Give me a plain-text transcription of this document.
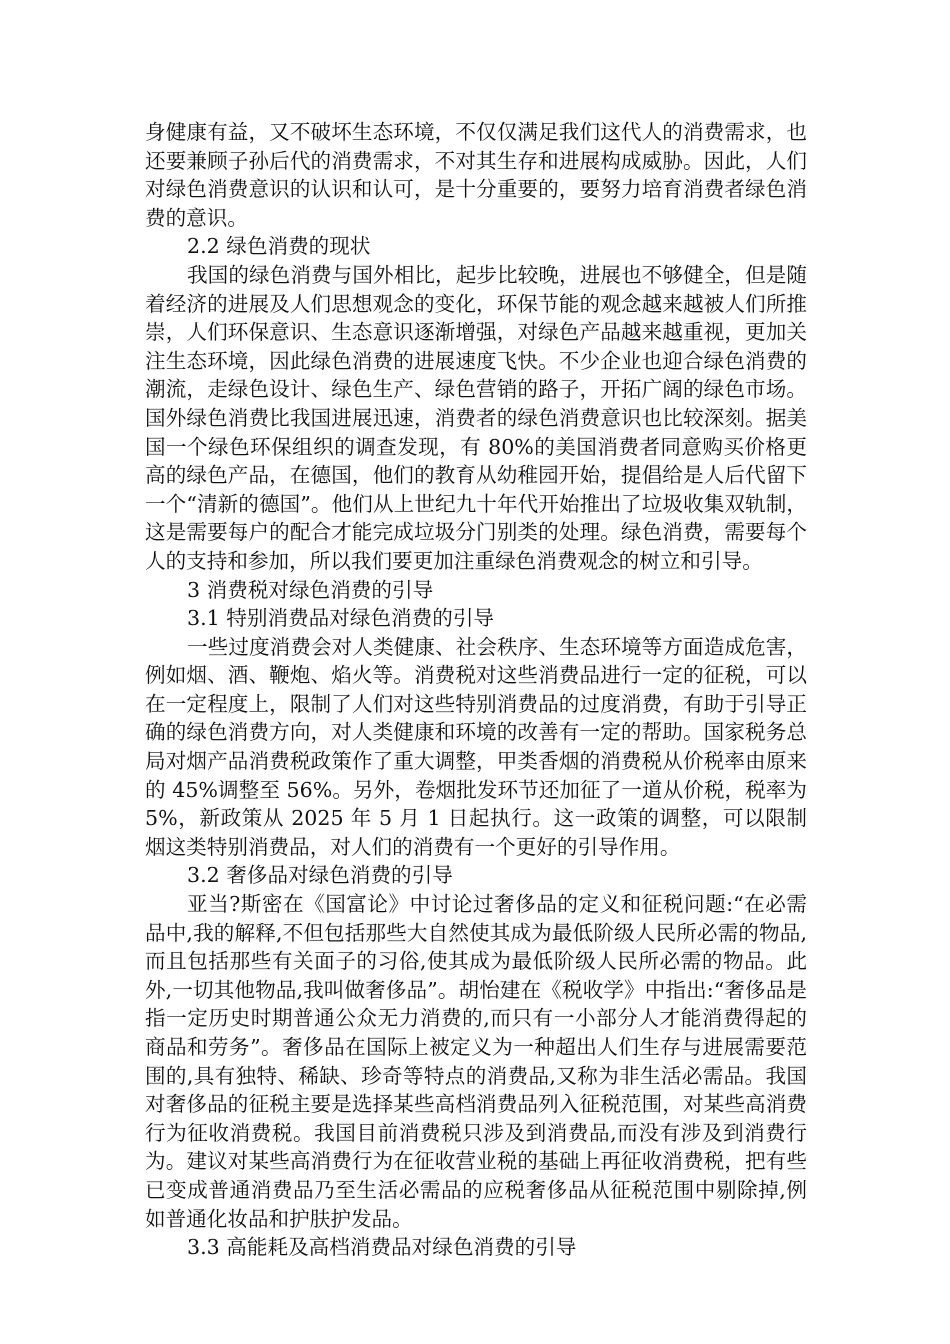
身健康有益，又不破坏生态环境，不仅仅满足我们这代人的消费需求，也还要兼顾子孙后代的消费需求，不对其生存和进展构成威胁。因此，人们对绿色消费意识的认识和认可，是十分重要的，要努力培育消费者绿色消费的意识。

2.2 绿色消费的现状

我国的绿色消费与国外相比，起步比较晚，进展也不够健全，但是随着经济的进展及人们思想观念的变化，环保节能的观念越来越被人们所推崇，人们环保意识、生态意识逐渐增强，对绿色产品越来越重视，更加关注生态环境，因此绿色消费的进展速度飞快。不少企业也迎合绿色消费的潮流，走绿色设计、绿色生产、绿色营销的路子，开拓广阔的绿色市场。国外绿色消费比我国进展迅速，消费者的绿色消费意识也比较深刻。据美国一个绿色环保组织的调查发现，有 80%的美国消费者同意购买价格更高的绿色产品，在德国，他们的教育从幼稚园开始，提倡给是人后代留下一个“清新的德国”。他们从上世纪九十年代开始推出了垃圾收集双轨制，这是需要每户的配合才能完成垃圾分门别类的处理。绿色消费，需要每个人的支持和参加，所以我们要更加注重绿色消费观念的树立和引导。

3 消费税对绿色消费的引导

3.1 特别消费品对绿色消费的引导

一些过度消费会对人类健康、社会秩序、生态环境等方面造成危害，例如烟、酒、鞭炮、焰火等。消费税对这些消费品进行一定的征税，可以在一定程度上，限制了人们对这些特别消费品的过度消费，有助于引导正确的绿色消费方向，对人类健康和环境的改善有一定的帮助。国家税务总局对烟产品消费税政策作了重大调整，甲类香烟的消费税从价税率由原来的 45%调整至 56%。另外，卷烟批发环节还加征了一道从价税，税率为 5%，新政策从 2025 年 5 月 1 日起执行。这一政策的调整，可以限制烟这类特别消费品，对人们的消费有一个更好的引导作用。

3.2 奢侈品对绿色消费的引导

亚当?斯密在《国富论》中讨论过奢侈品的定义和征税问题:“在必需品中,我的解释,不但包括那些大自然使其成为最低阶级人民所必需的物品,而且包括那些有关面子的习俗,使其成为最低阶级人民所必需的物品。此外,一切其他物品,我叫做奢侈品”。胡怡建在《税收学》中指出:“奢侈品是指一定历史时期普通公众无力消费的,而只有一小部分人才能消费得起的商品和劳务”。奢侈品在国际上被定义为一种超出人们生存与进展需要范围的,具有独特、稀缺、珍奇等特点的消费品,又称为非生活必需品。我国对奢侈品的征税主要是选择某些高档消费品列入征税范围，对某些高消费行为征收消费税。我国目前消费税只涉及到消费品,而没有涉及到消费行为。建议对某些高消费行为在征收营业税的基础上再征收消费税，把有些已变成普通消费品乃至生活必需品的应税奢侈品从征税范围中剔除掉,例如普通化妆品和护肤护发品。

3.3 高能耗及高档消费品对绿色消费的引导
